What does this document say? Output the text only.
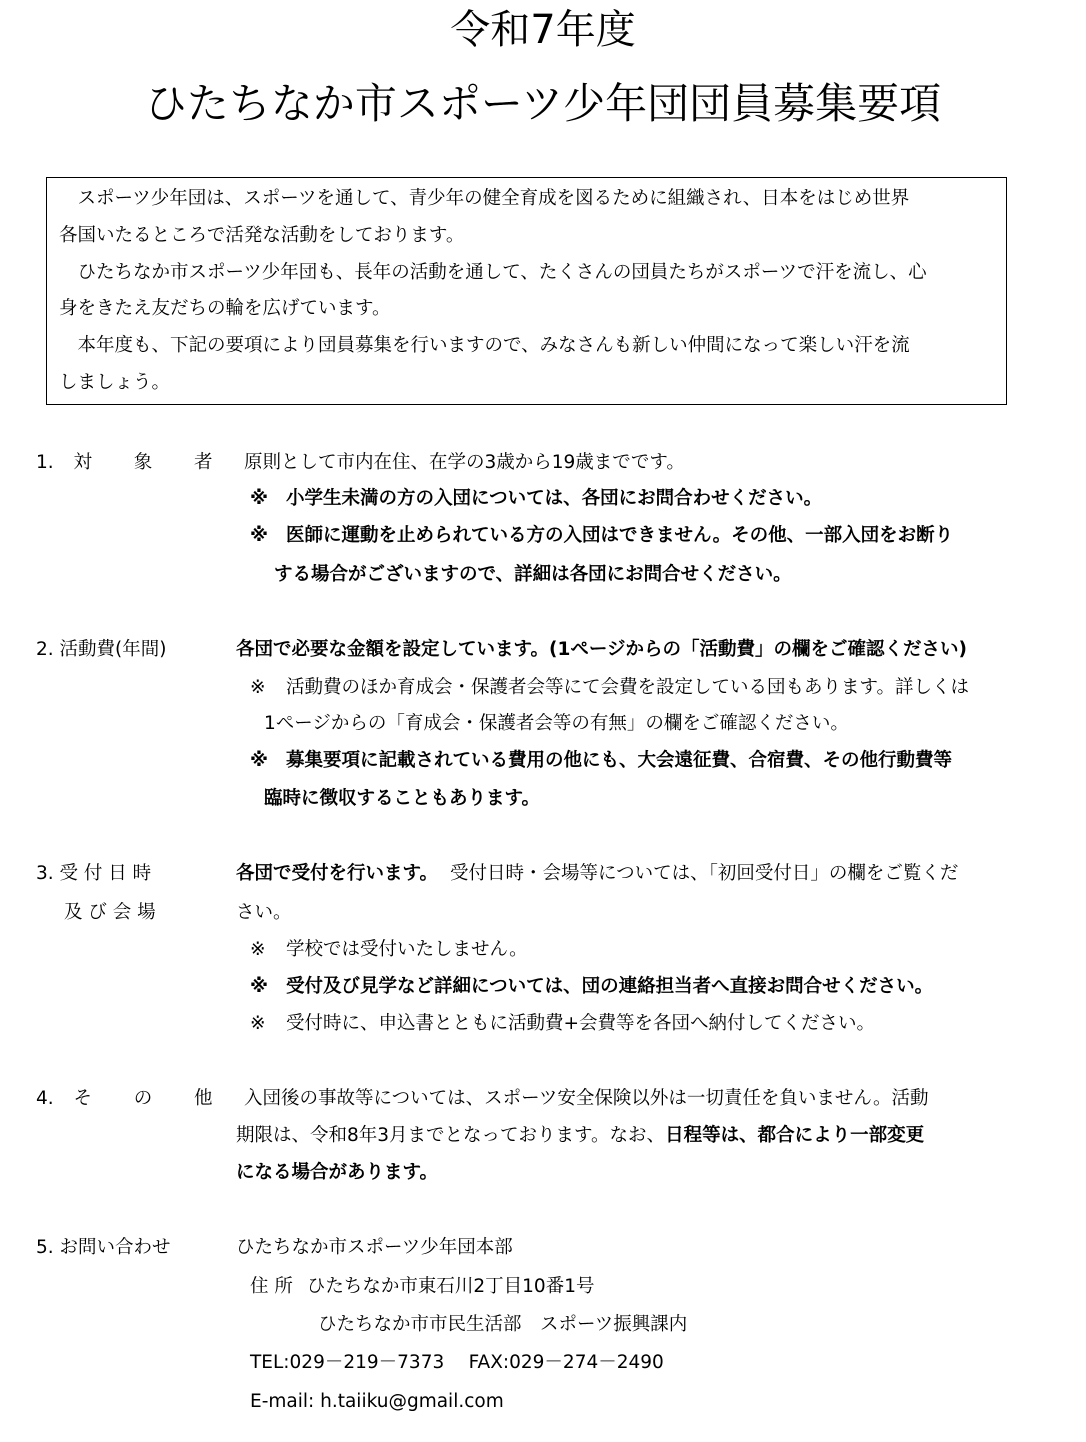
令和7年度
ひたちなか市スポーツ少年団団員募集要項
　スポーツ少年団は、スポーツを通して、青少年の健全育成を図るために組織され、日本をはじめ世界
各国いたるところで活発な活動をしております。
　ひたちなか市スポーツ少年団も、長年の活動を通して、たくさんの団員たちがスポーツで汗を流し、心
身をきたえ友だちの輪を広げています。
　本年度も、下記の要項により団員募集を行いますので、みなさんも新しい仲間になって楽しい汗を流
しましょう。
1. 対 象 者 原則として市内在住、在学の3歳から19歳までです。
※ 小学生未満の方の入団については、各団にお問合わせください。
※ 医師に運動を止められている方の入団はできません。その他、一部入団をお断り
する場合がございますので、詳細は各団にお問合せください。
2. 活動費(年間)	各団で必要な金額を設定しています。(1ページからの「活動費」の欄をご確認ください)
※ 活動費のほか育成会・保護者会等にて会費を設定している団もあります。詳しくは
1ページからの「育成会・保護者会等の有無」の欄をご確認ください。
※ 募集要項に記載されている費用の他にも、大会遠征費、合宿費、その他行動費等
臨時に徴収することもあります。
3. 受 付 日 時
及 び 会 場
各団で受付を行います。 受付日時・会場等については、「初回受付日」の欄をご覧くだ
さい。
※ 学校では受付いたしません。
※ 受付及び見学など詳細については、団の連絡担当者へ直接お問合せください。
※ 受付時に、申込書とともに活動費+会費等を各団へ納付してください。
4. そ の 他 入団後の事故等については、スポーツ安全保険以外は一切責任を負いません。活動
期限は、令和8年3月までとなっております。なお、日程等は、都合により一部変更
になる場合があります。
5. お問い合わせ	ひたちなか市スポーツ少年団本部
住 所 ひたちなか市東石川2丁目10番1号
ひたちなか市市民生活部　スポーツ振興課内
TEL:029－219－7373　 FAX:029－274－2490
E-mail: h.taiiku@gmail.com
